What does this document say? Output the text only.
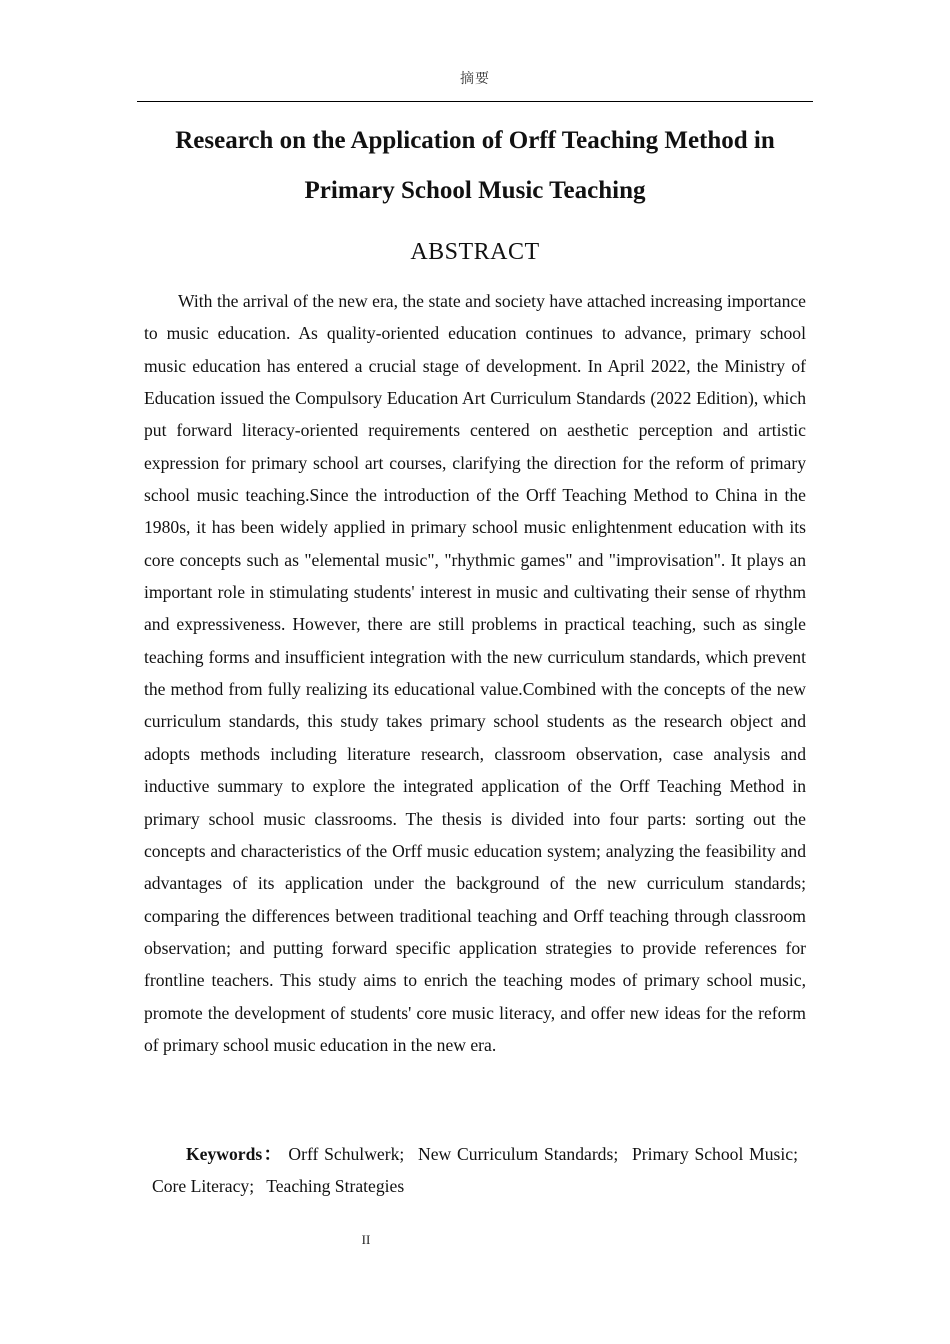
摘要
Research on the Application of Orff Teaching Method in Primary School Music Teaching
ABSTRACT

With the arrival of the new era, the state and society have attached increasing importance to music education. As quality-oriented education continues to advance, primary school music education has entered a crucial stage of development. In April 2022, the Ministry of Education issued the Compulsory Education Art Curriculum Standards (2022 Edition), which put forward literacy-oriented requirements centered on aesthetic perception and artistic expression for primary school art courses, clarifying the direction for the reform of primary school music teaching.Since the introduction of the Orff Teaching Method to China in the 1980s, it has been widely applied in primary school music enlightenment education with its core concepts such as "elemental music", "rhythmic games" and "improvisation". It plays an important role in stimulating students' interest in music and cultivating their sense of rhythm and expressiveness. However, there are still problems in practical teaching, such as single teaching forms and insufficient integration with the new curriculum standards, which prevent the method from fully realizing its educational value.Combined with the concepts of the new curriculum standards, this study takes primary school students as the research object and adopts methods including literature research, classroom observation, case analysis and inductive summary to explore the integrated application of the Orff Teaching Method in primary school music classrooms. The thesis is divided into four parts: sorting out the concepts and characteristics of the Orff music education system; analyzing the feasibility and advantages of its application under the background of the new curriculum standards; comparing the differences between traditional teaching and Orff teaching through classroom observation; and putting forward specific application strategies to provide references for frontline teachers. This study aims to enrich the teaching modes of primary school music, promote the development of students' core music literacy, and offer new ideas for the reform of primary school music education in the new era.

Keywords： Orff Schulwerk; New Curriculum Standards; Primary School Music; Core Literacy; Teaching Strategies

II
